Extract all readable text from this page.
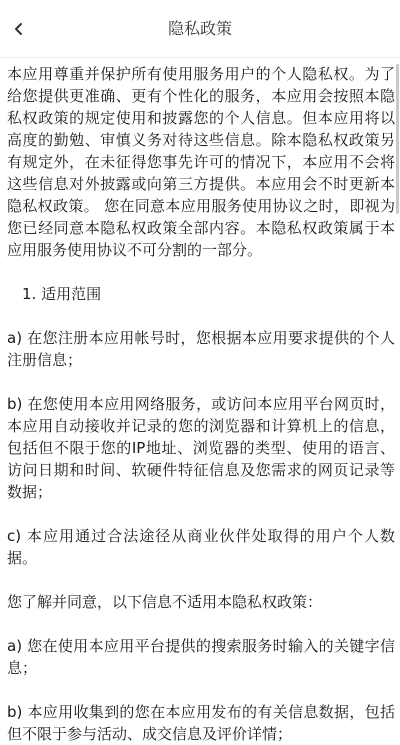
隐私政策

本应用尊重并保护所有使用服务用户的个人隐私权。为了给您提供更准确、更有个性化的服务，本应用会按照本隐私权政策的规定使用和披露您的个人信息。但本应用将以高度的勤勉、审慎义务对待这些信息。除本隐私权政策另有规定外，在未征得您事先许可的情况下，本应用不会将这些信息对外披露或向第三方提供。本应用会不时更新本隐私权政策。 您在同意本应用服务使用协议之时，即视为您已经同意本隐私权政策全部内容。本隐私权政策属于本应用服务使用协议不可分割的一部分。

1. 适用范围

a) 在您注册本应用帐号时，您根据本应用要求提供的个人注册信息；

b) 在您使用本应用网络服务，或访问本应用平台网页时，本应用自动接收并记录的您的浏览器和计算机上的信息，包括但不限于您的IP地址、浏览器的类型、使用的语言、访问日期和时间、软硬件特征信息及您需求的网页记录等数据；

c) 本应用通过合法途径从商业伙伴处取得的用户个人数据。

您了解并同意，以下信息不适用本隐私权政策：

a) 您在使用本应用平台提供的搜索服务时输入的关键字信息；

b) 本应用收集到的您在本应用发布的有关信息数据，包括但不限于参与活动、成交信息及评价详情；
